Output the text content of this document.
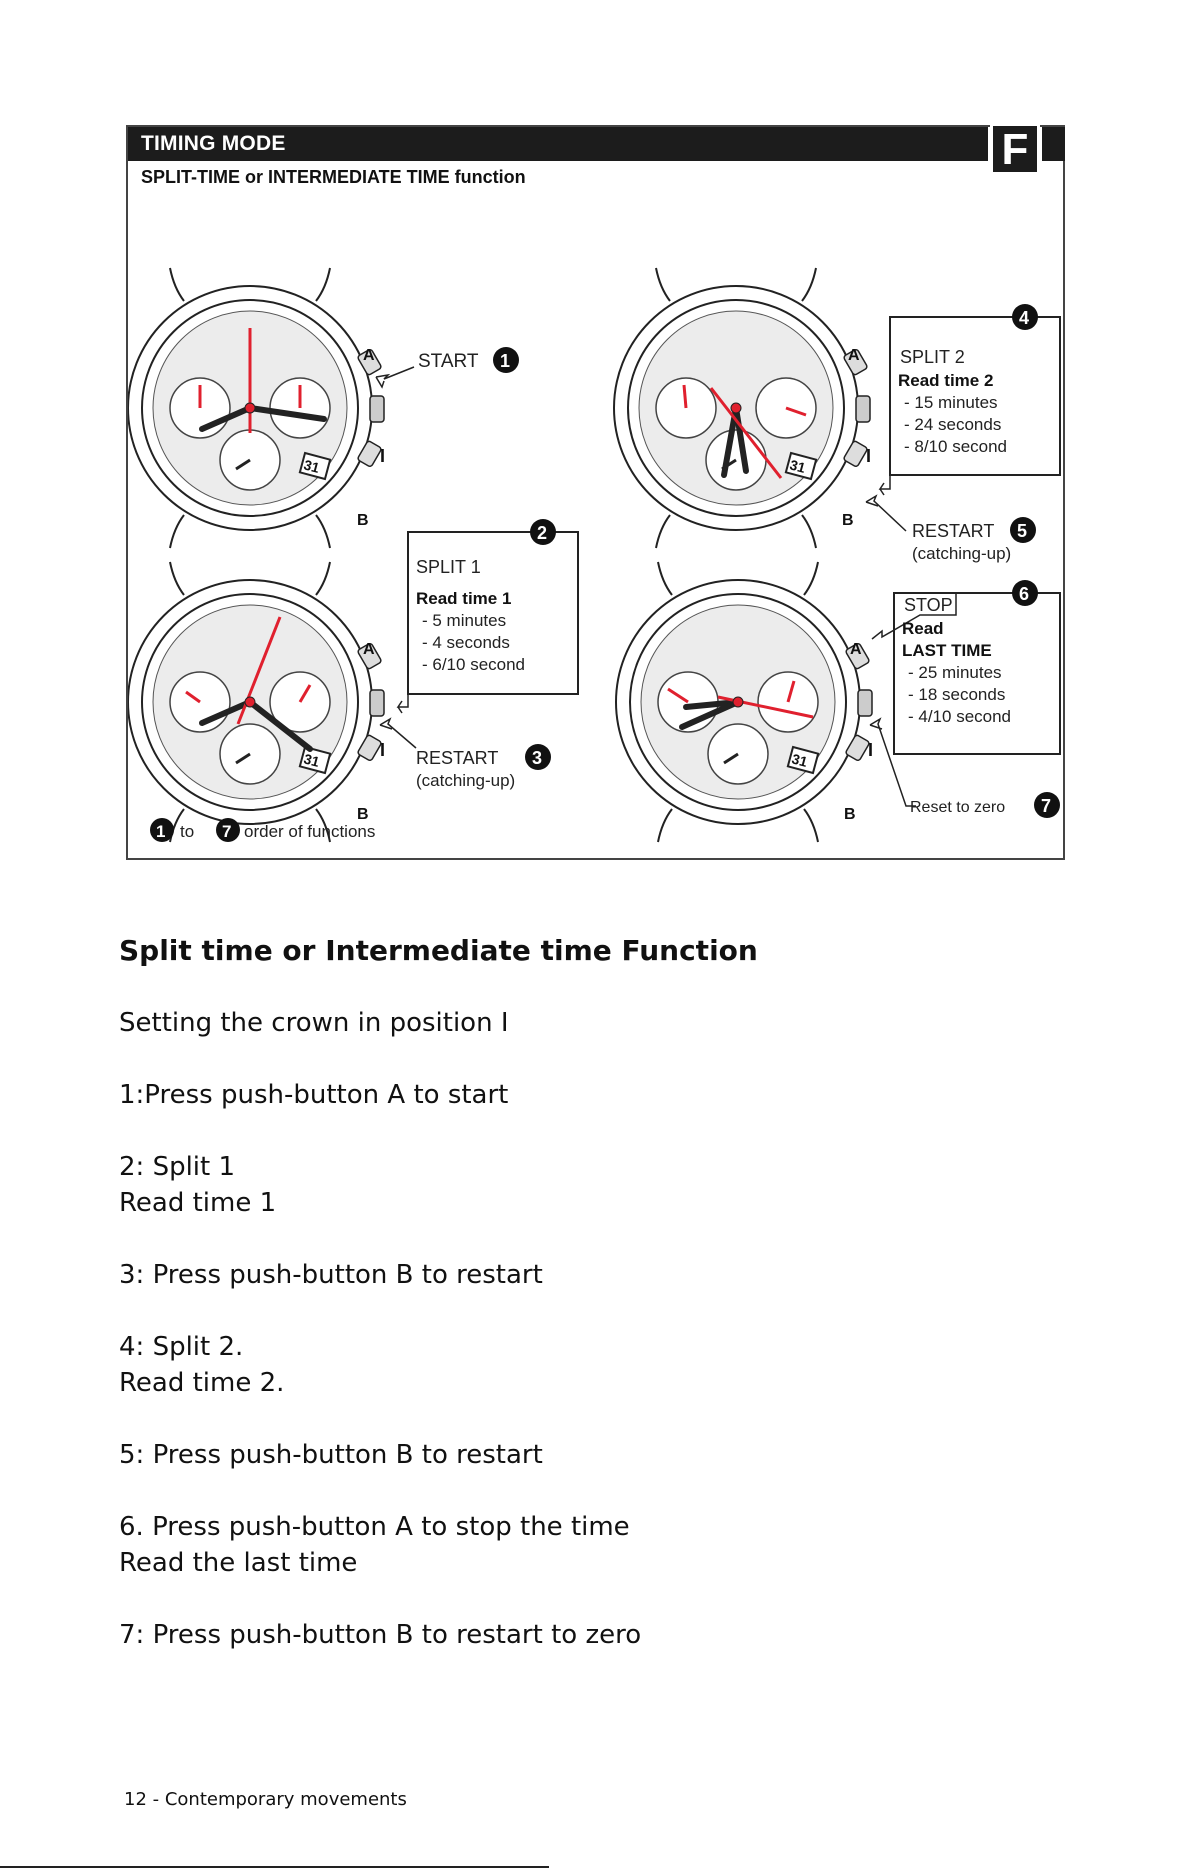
TIMING MODE	F
SPLIT-TIME or INTERMEDIATE TIME function
31
A
I
B
START 1
31
A
I
B
4
SPLIT 2
Read time 2
- 15 minutes
- 24 seconds
- 8/10 second
RESTART 5
(catching-up)
31
A
I
B
2
SPLIT 1
Read time 1
- 5 minutes
- 4 seconds
- 6/10 second
RESTART 3
(catching-up)
31
A
I
B
6
STOP
Read
LAST TIME
- 25 minutes
- 18 seconds
- 4/10 second
Reset to zero 7
1 to 7 order of functions
Split time or Intermediate time Function
Setting the crown in position I
1:Press push-button A to start
2: Split 1
Read time 1
3: Press push-button B to restart
4: Split 2.
Read time 2.
5: Press push-button B to restart
6. Press push-button A to stop the time
Read the last time
7: Press push-button B to restart to zero
12 - Contemporary movements
